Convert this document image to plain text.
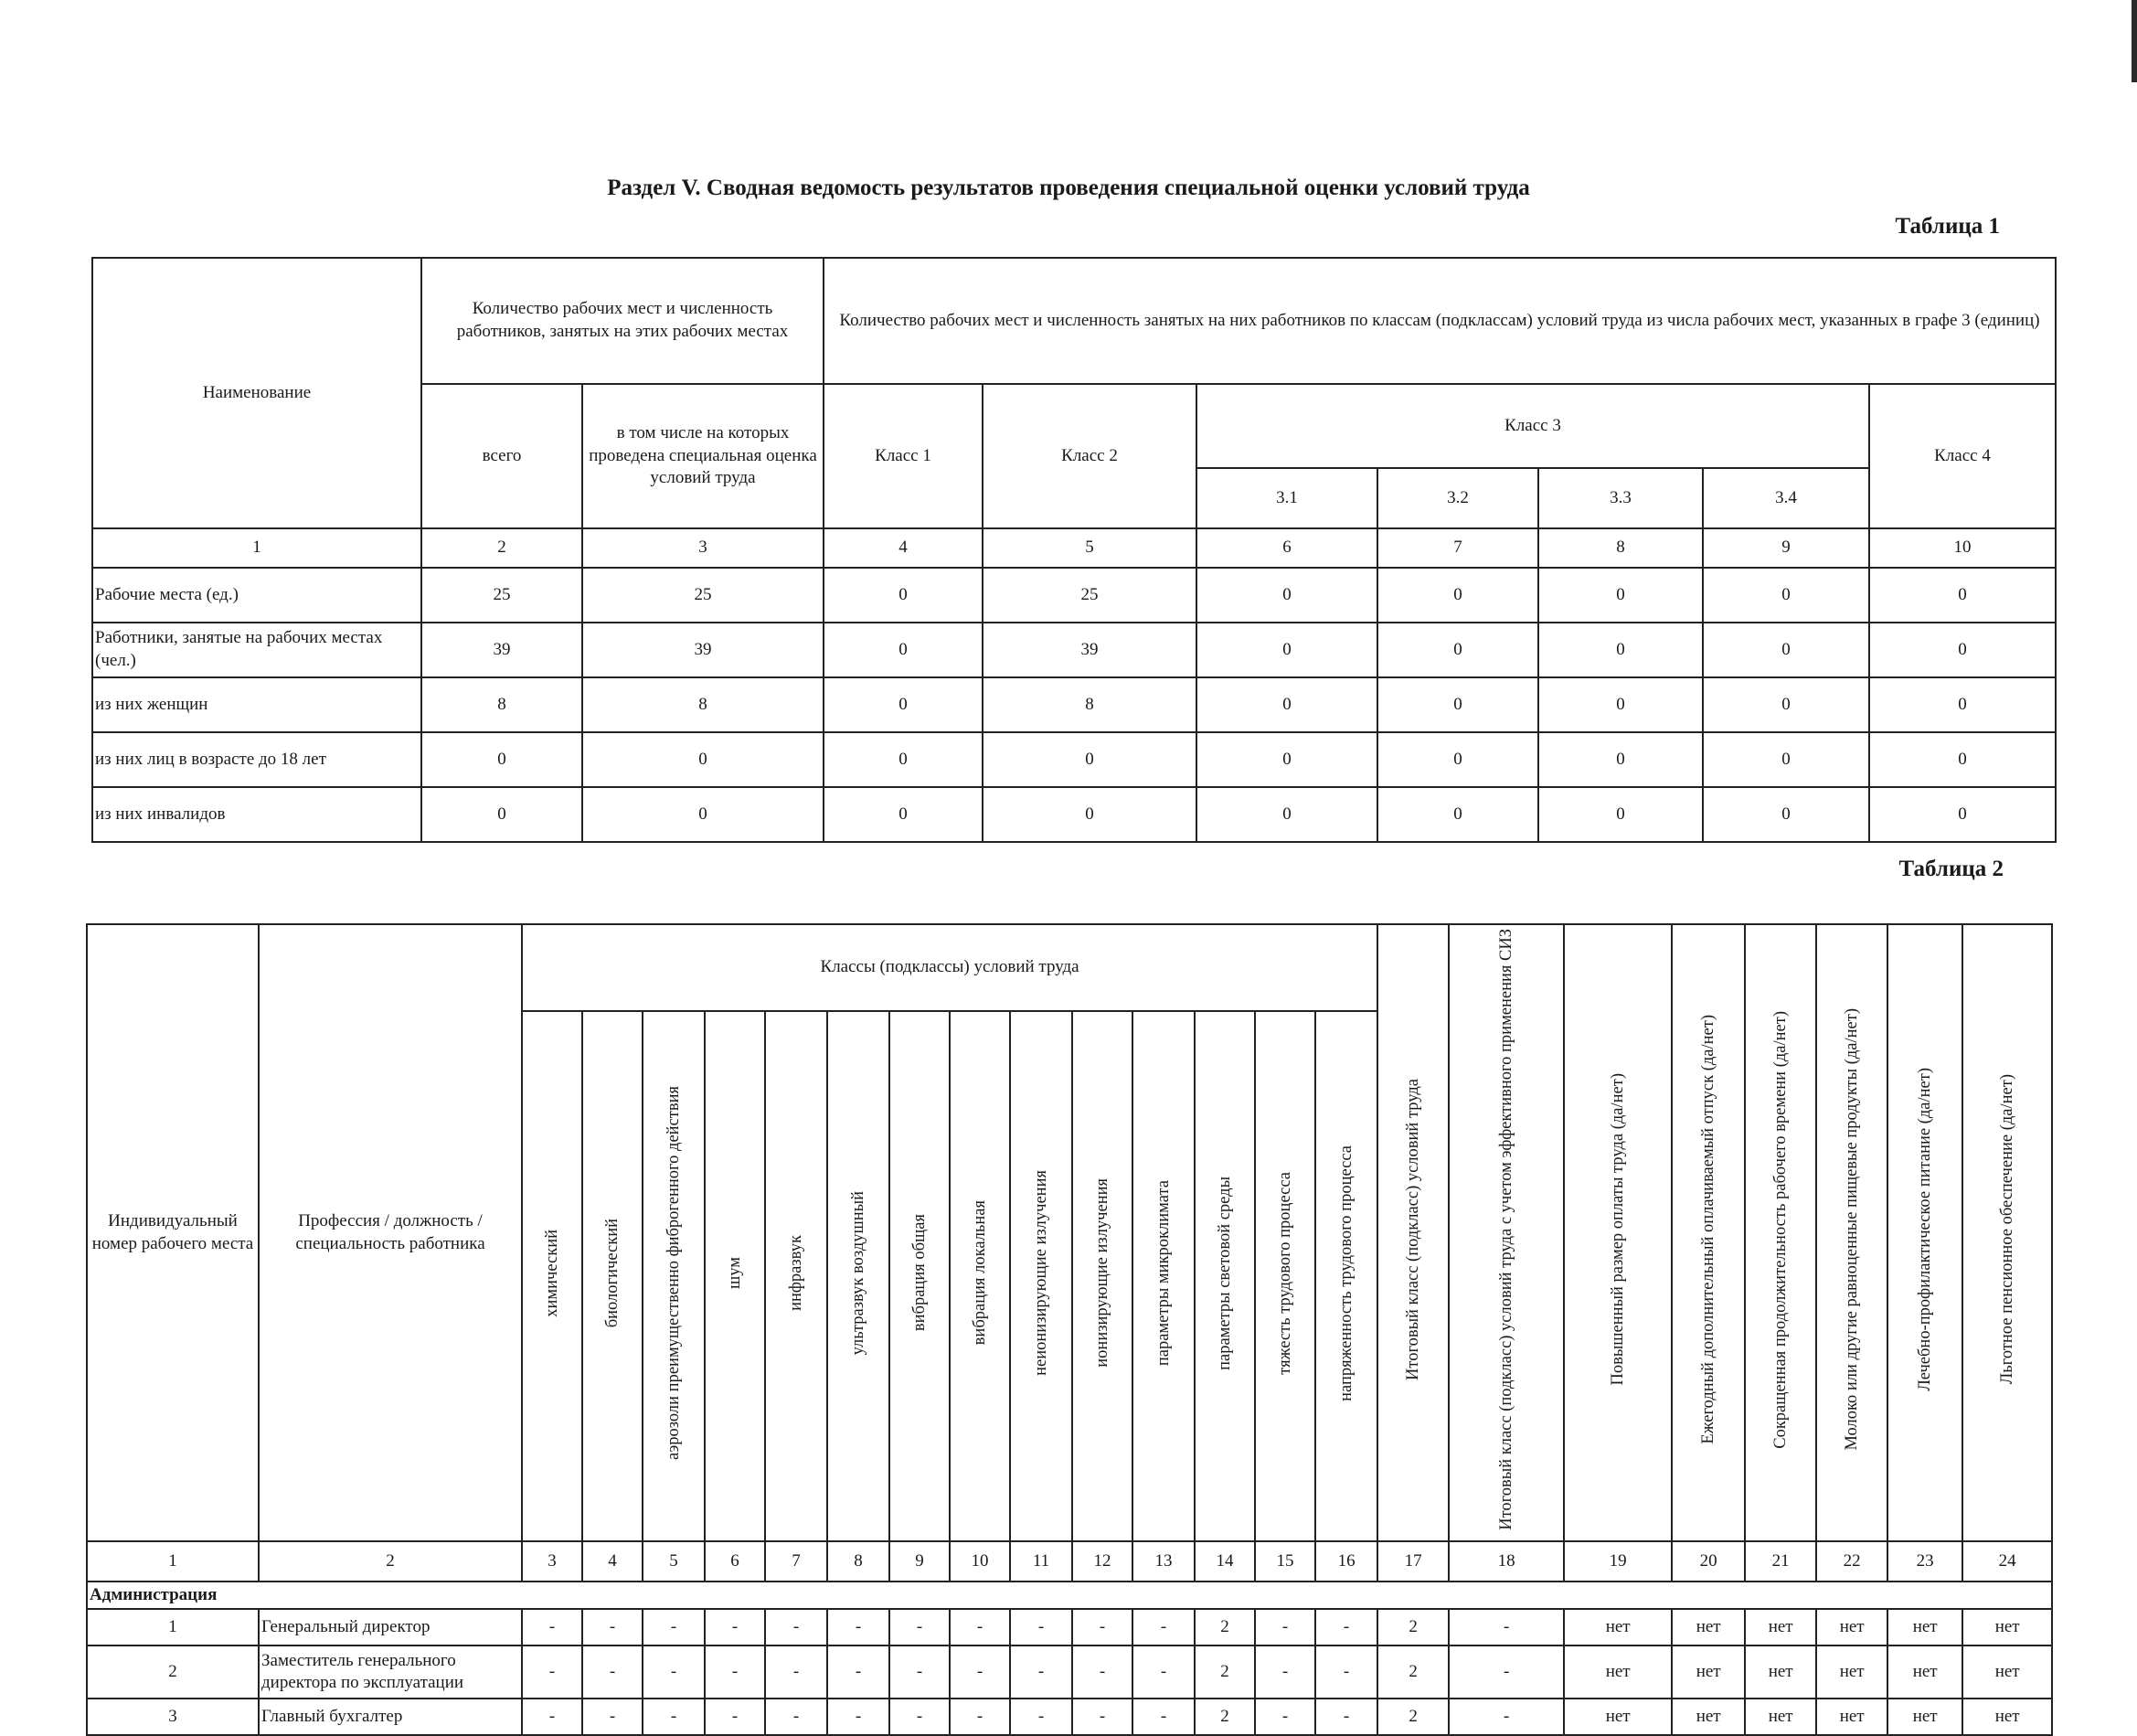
Раздел V. Сводная ведомость результатов проведения специальной оценки условий труда
Таблица 1
Наименование	Количество рабочих мест и численность работников, занятых на этих рабочих местах		Количество рабочих мест и численность занятых на них работников по классам (подклассам) условий труда из числа рабочих мест, указанных в графе 3 (единиц)						
	всего	в том числе на которых проведена специальная оценка условий труда	Класс 1	Класс 2	Класс 3				Класс 4
					3.1	3.2	3.3	3.4	
1	2	3	4	5	6	7	8	9	10
Рабочие места (ед.)	25	25	0	25	0	0	0	0	0
Работники, занятые на рабочих местах (чел.)	39	39	0	39	0	0	0	0	0
из них женщин	8	8	0	8	0	0	0	0	0
из них лиц в возрасте до 18 лет	0	0	0	0	0	0	0	0	0
из них инвалидов	0	0	0	0	0	0	0	0	0
Таблица 2
Индивидуальный номер рабочего места	Профессия / должность / специальность работника	Классы (подклассы) условий труда														Итоговый класс (подкласс) условий труда	Итоговый класс (подкласс) условий труда с учетом эффективного применения СИЗ	Повышенный размер оплаты труда (да/нет)	Ежегодный дополнительный оплачиваемый отпуск (да/нет)	Сокращенная продолжительность рабочего времени (да/нет)	Молоко или другие равноценные пищевые продукты (да/нет)	Лечебно-профилактическое питание (да/нет)	Льготное пенсионное обеспечение (да/нет)
		химический	биологический	аэрозоли преимущественно фиброгенного действия	шум	инфразвук	ультразвук воздушный	вибрация общая	вибрация локальная	неионизирующие излучения	ионизирующие излучения	параметры микроклимата	параметры световой среды	тяжесть трудового процесса	напряженность трудового процесса								
1	2	3	4	5	6	7	8	9	10	11	12	13	14	15	16	17	18	19	20	21	22	23	24
Администрация																							
1	Генеральный директор	-	-	-	-	-	-	-	-	-	-	-	2	-	-	2	-	нет	нет	нет	нет	нет	нет
2	Заместитель генерального директора по эксплуатации	-	-	-	-	-	-	-	-	-	-	-	2	-	-	2	-	нет	нет	нет	нет	нет	нет
3	Главный бухгалтер	-	-	-	-	-	-	-	-	-	-	-	2	-	-	2	-	нет	нет	нет	нет	нет	нет
